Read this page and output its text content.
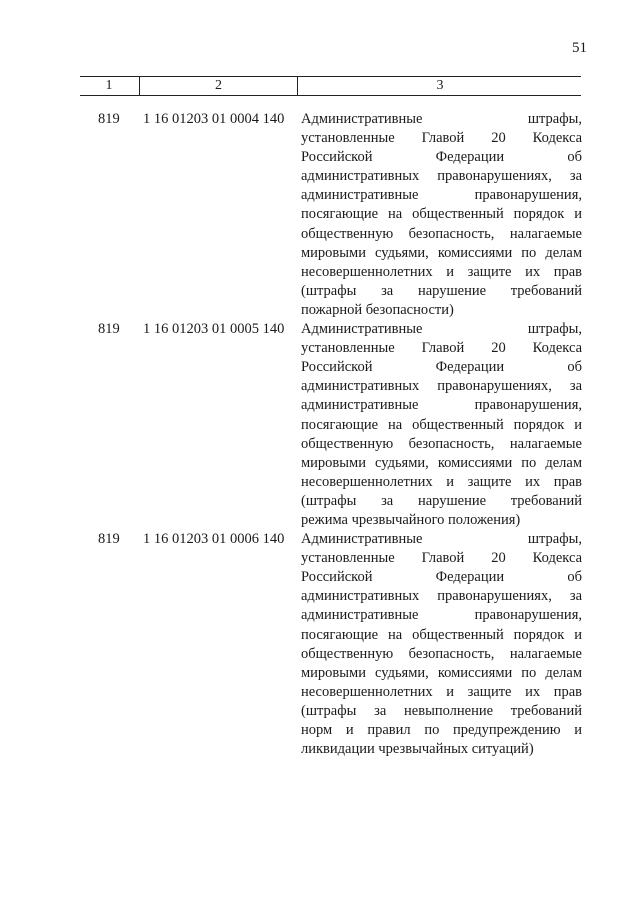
51
1	2	3
819 1 16 01203 01 0004 140 Административные штрафы,
установленные Главой 20 Кодекса
Российской Федерации об
административных правонарушениях, за
административные правонарушения,
посягающие на общественный порядок и
общественную безопасность, налагаемые
мировыми судьями, комиссиями по делам
несовершеннолетних и защите их прав
(штрафы за нарушение требований
пожарной безопасности)
819 1 16 01203 01 0005 140 Административные штрафы,
установленные Главой 20 Кодекса
Российской Федерации об
административных правонарушениях, за
административные правонарушения,
посягающие на общественный порядок и
общественную безопасность, налагаемые
мировыми судьями, комиссиями по делам
несовершеннолетних и защите их прав
(штрафы за нарушение требований
режима чрезвычайного положения)
819 1 16 01203 01 0006 140 Административные штрафы,
установленные Главой 20 Кодекса
Российской Федерации об
административных правонарушениях, за
административные правонарушения,
посягающие на общественный порядок и
общественную безопасность, налагаемые
мировыми судьями, комиссиями по делам
несовершеннолетних и защите их прав
(штрафы за невыполнение требований
норм и правил по предупреждению и
ликвидации чрезвычайных ситуаций)
